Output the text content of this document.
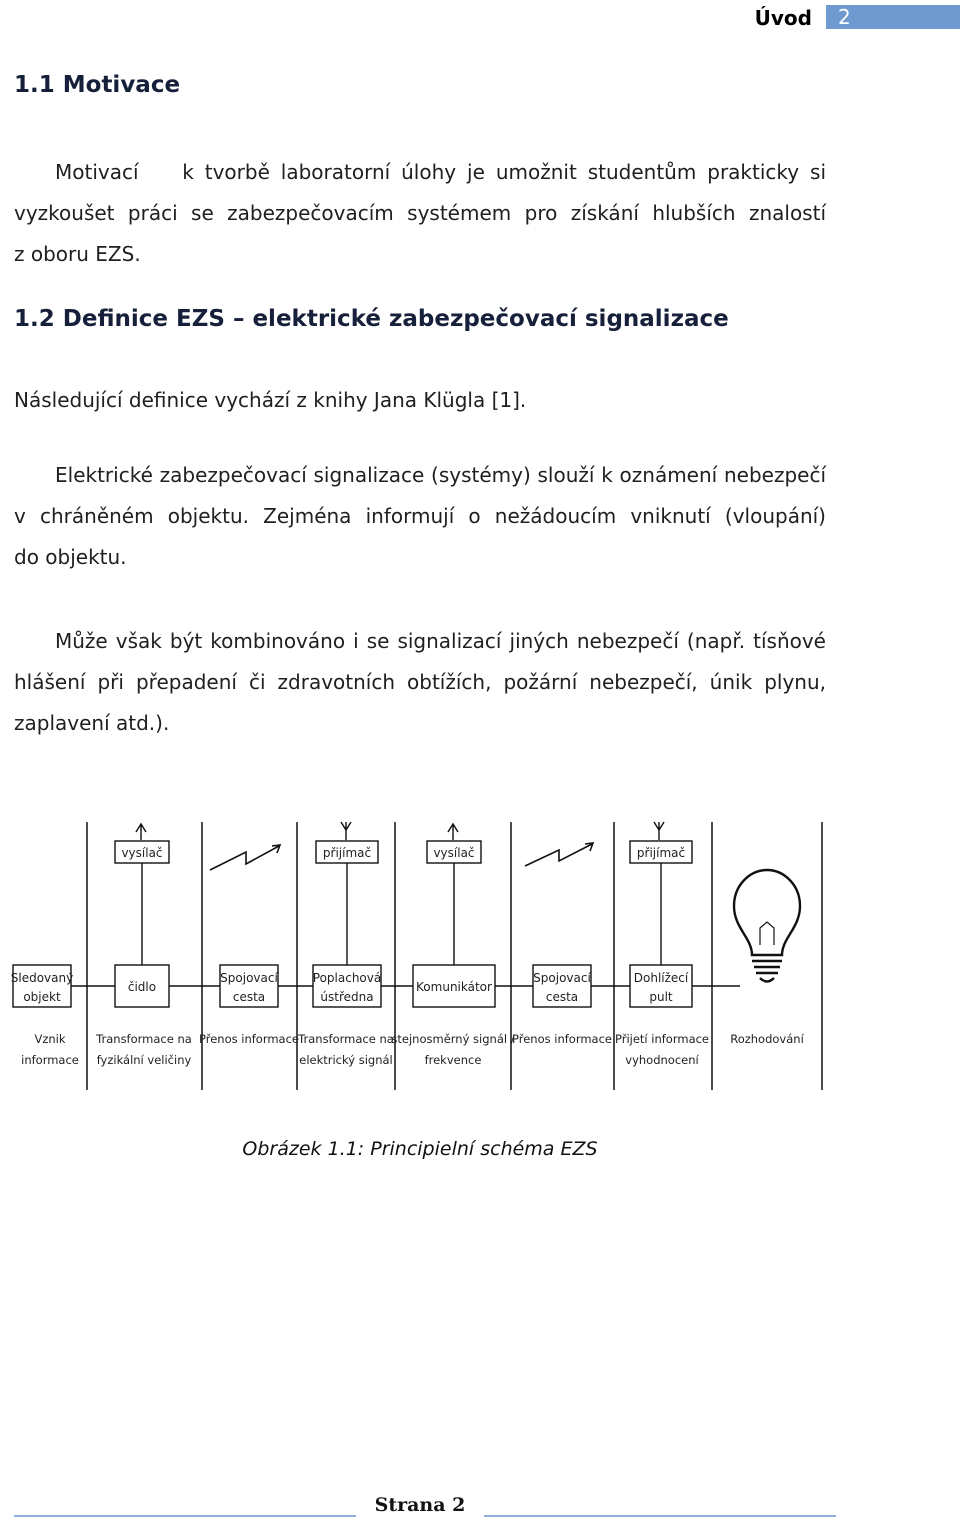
Úvod	2
1.1 Motivace
Motivací    k tvorbě laboratorní úlohy je umožnit studentům prakticky si
vyzkoušet práci se zabezpečovacím systémem pro získání hlubších znalostí
z oboru EZS.
1.2 Definice EZS – elektrické zabezpečovací signalizace
Následující definice vychází z knihy Jana Klügla [1].
Elektrické zabezpečovací signalizace (systémy) slouží k oznámení nebezpečí
v chráněném objektu. Zejména informují o nežádoucím vniknutí (vloupání)
do objektu.
Může však být kombinováno i se signalizací jiných nebezpečí (např. tísňové
hlášení při přepadení či zdravotních obtížích, požární nebezpečí, únik plynu,
zaplavení atd.).
vysílač	přijímač	vysílač	přijímač
Sledovaný
objekt
čidlo
Spojovací
cesta
Poplachová
ústředna
Komunikátor
Spojovací
cesta
Dohlížecí
pult
Vznik
informace
Transformace na
fyzikální veličiny
Přenos informace Transformace na
elektrický signál
stejnosměrný signál /
frekvence
Přenos informace Přijetí informace
vyhodnocení
Rozhodování
Obrázek 1.1: Principielní schéma EZS
Strana 2
